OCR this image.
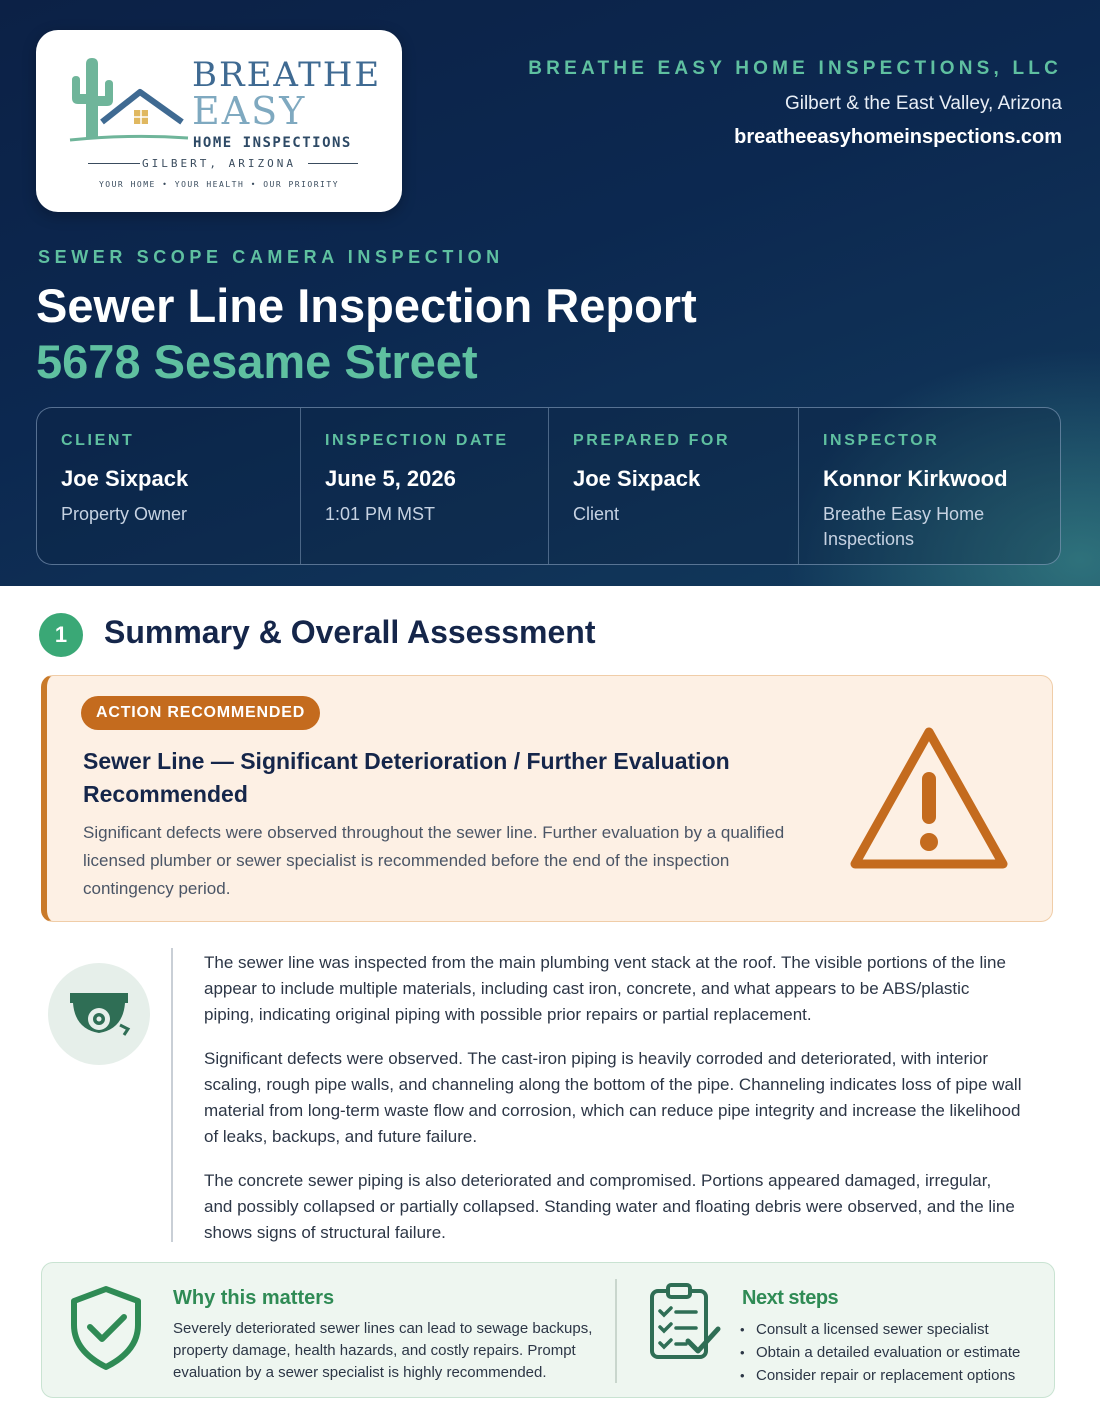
BREATHE
EASY
HOME INSPECTIONS
GILBERT, ARIZONA
YOUR HOME • YOUR HEALTH • OUR PRIORITY
BREATHE EASY HOME INSPECTIONS, LLC
Gilbert & the East Valley, Arizona
breatheeasyhomeinspections.com
SEWER SCOPE CAMERA INSPECTION
Sewer Line Inspection Report
5678 Sesame Street
CLIENT
Joe Sixpack
Property Owner
INSPECTION DATE
June 5, 2026
1:01 PM MST
PREPARED FOR
Joe Sixpack
Client
INSPECTOR
Konnor Kirkwood
Breathe Easy Home Inspections
1	Summary & Overall Assessment
ACTION RECOMMENDED
Sewer Line — Significant Deterioration / Further Evaluation Recommended
Significant defects were observed throughout the sewer line. Further evaluation by a qualified licensed plumber or sewer specialist is recommended before the end of the inspection contingency period.

The sewer line was inspected from the main plumbing vent stack at the roof. The visible portions of the line appear to include multiple materials, including cast iron, concrete, and what appears to be ABS/plastic piping, indicating original piping with possible prior repairs or partial replacement.

Significant defects were observed. The cast-iron piping is heavily corroded and deteriorated, with interior scaling, rough pipe walls, and channeling along the bottom of the pipe. Channeling indicates loss of pipe wall material from long-term waste flow and corrosion, which can reduce pipe integrity and increase the likelihood of leaks, backups, and future failure.

The concrete sewer piping is also deteriorated and compromised. Portions appeared damaged, irregular, and possibly collapsed or partially collapsed. Standing water and floating debris were observed, and the line shows signs of structural failure.

Why this matters
Severely deteriorated sewer lines can lead to sewage backups, property damage, health hazards, and costly repairs. Prompt evaluation by a sewer specialist is highly recommended.
Next steps
• Consult a licensed sewer specialist
• Obtain a detailed evaluation or estimate
• Consider repair or replacement options
